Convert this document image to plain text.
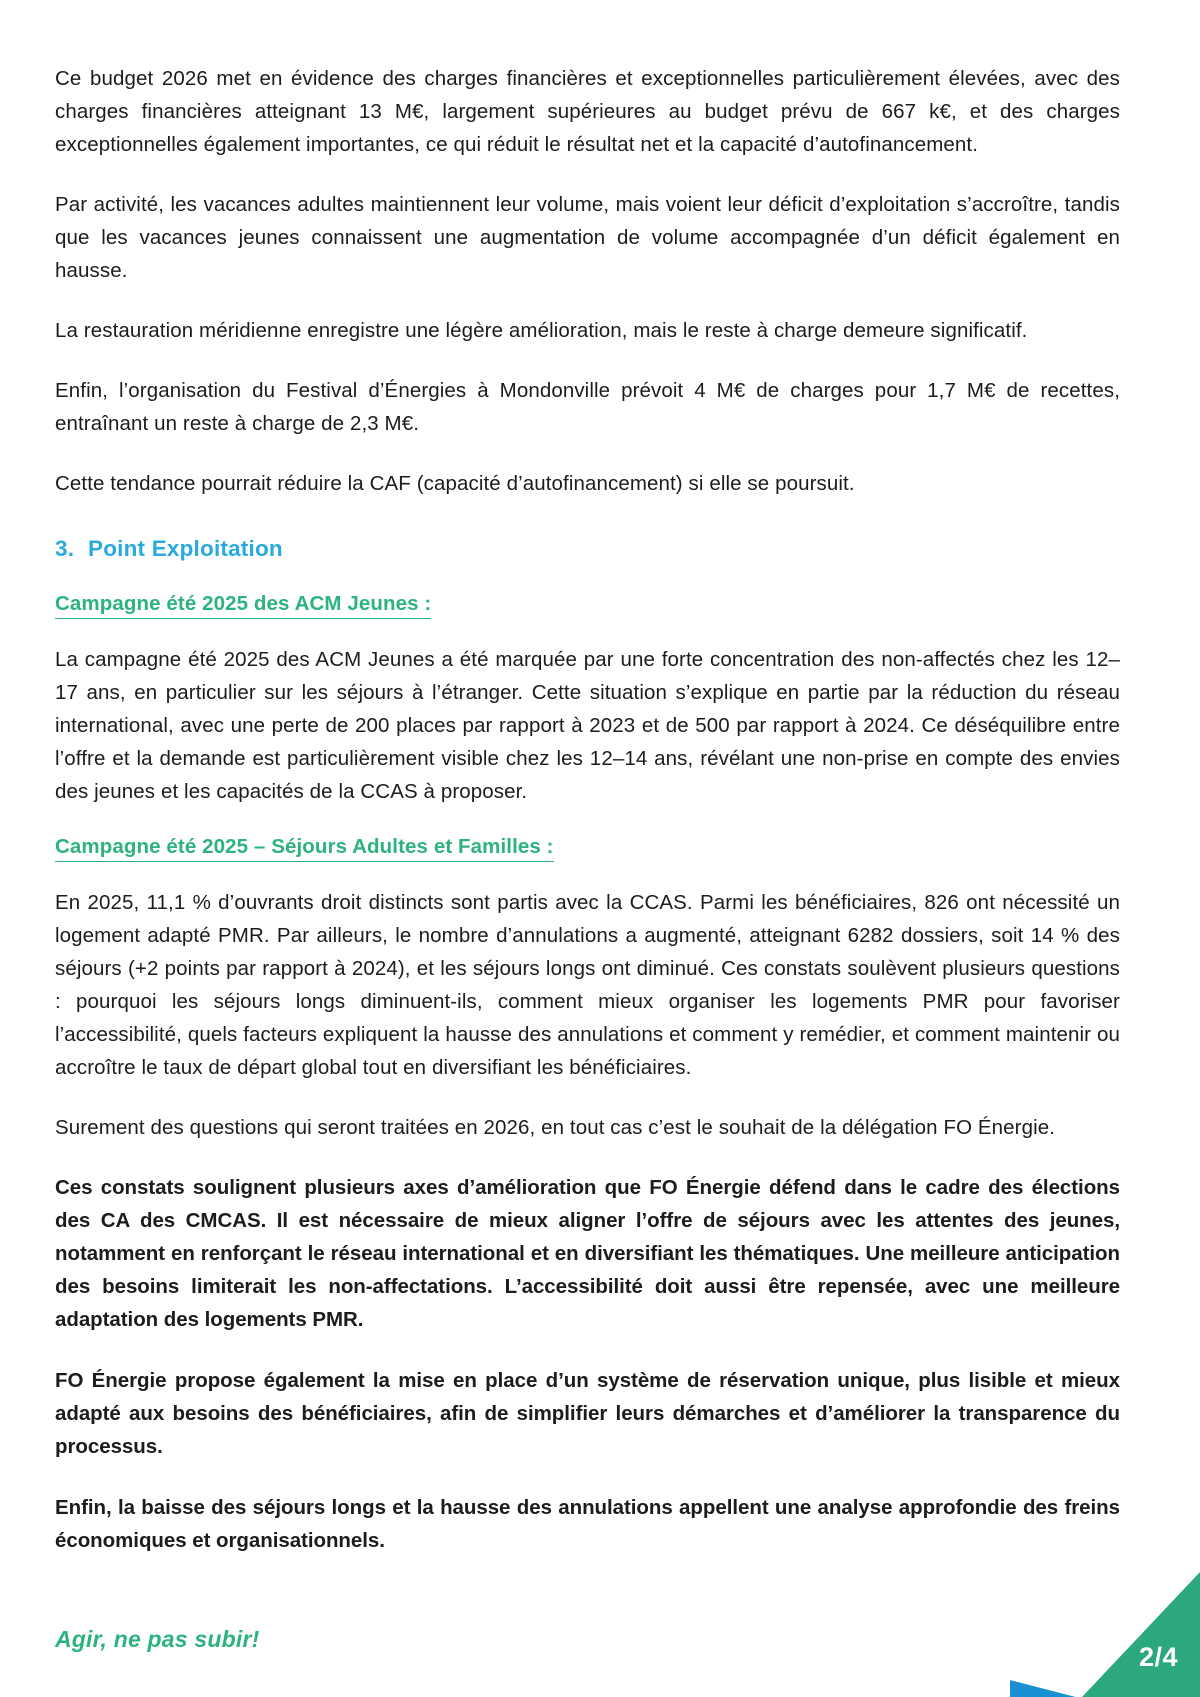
Ce budget 2026 met en évidence des charges financières et exceptionnelles particulièrement élevées, avec des charges financières atteignant 13 M€, largement supérieures au budget prévu de 667 k€, et des charges exceptionnelles également importantes, ce qui réduit le résultat net et la capacité d’autofinancement.

Par activité, les vacances adultes maintiennent leur volume, mais voient leur déficit d’exploitation s’accroître, tandis que les vacances jeunes connaissent une augmentation de volume accompagnée d’un déficit également en hausse.

La restauration méridienne enregistre une légère amélioration, mais le reste à charge demeure significatif.

Enfin, l’organisation du Festival d’Énergies à Mondonville prévoit 4 M€ de charges pour 1,7 M€ de recettes, entraînant un reste à charge de 2,3 M€.

Cette tendance pourrait réduire la CAF (capacité d’autofinancement) si elle se poursuit.

3. Point Exploitation
Campagne été 2025 des ACM Jeunes :

La campagne été 2025 des ACM Jeunes a été marquée par une forte concentration des non-affectés chez les 12–17 ans, en particulier sur les séjours à l’étranger. Cette situation s’explique en partie par la réduction du réseau international, avec une perte de 200 places par rapport à 2023 et de 500 par rapport à 2024. Ce déséquilibre entre l’offre et la demande est particulièrement visible chez les 12–14 ans, révélant une non-prise en compte des envies des jeunes et les capacités de la CCAS à proposer.

Campagne été 2025 – Séjours Adultes et Familles :

En 2025, 11,1 % d’ouvrants droit distincts sont partis avec la CCAS. Parmi les bénéficiaires, 826 ont nécessité un logement adapté PMR. Par ailleurs, le nombre d’annulations a augmenté, atteignant 6282 dossiers, soit 14 % des séjours (+2 points par rapport à 2024), et les séjours longs ont diminué. Ces constats soulèvent plusieurs questions : pourquoi les séjours longs diminuent-ils, comment mieux organiser les logements PMR pour favoriser l’accessibilité, quels facteurs expliquent la hausse des annulations et comment y remédier, et comment maintenir ou accroître le taux de départ global tout en diversifiant les bénéficiaires.

Surement des questions qui seront traitées en 2026, en tout cas c’est le souhait de la délégation FO Énergie.

Ces constats soulignent plusieurs axes d’amélioration que FO Énergie défend dans le cadre des élections des CA des CMCAS. Il est nécessaire de mieux aligner l’offre de séjours avec les attentes des jeunes, notamment en renforçant le réseau international et en diversifiant les thématiques. Une meilleure anticipation des besoins limiterait les non-affectations. L’accessibilité doit aussi être repensée, avec une meilleure adaptation des logements PMR.

FO Énergie propose également la mise en place d’un système de réservation unique, plus lisible et mieux adapté aux besoins des bénéficiaires, afin de simplifier leurs démarches et d’améliorer la transparence du processus.

Enfin, la baisse des séjours longs et la hausse des annulations appellent une analyse approfondie des freins économiques et organisationnels.

Agir, ne pas subir!
2/4
